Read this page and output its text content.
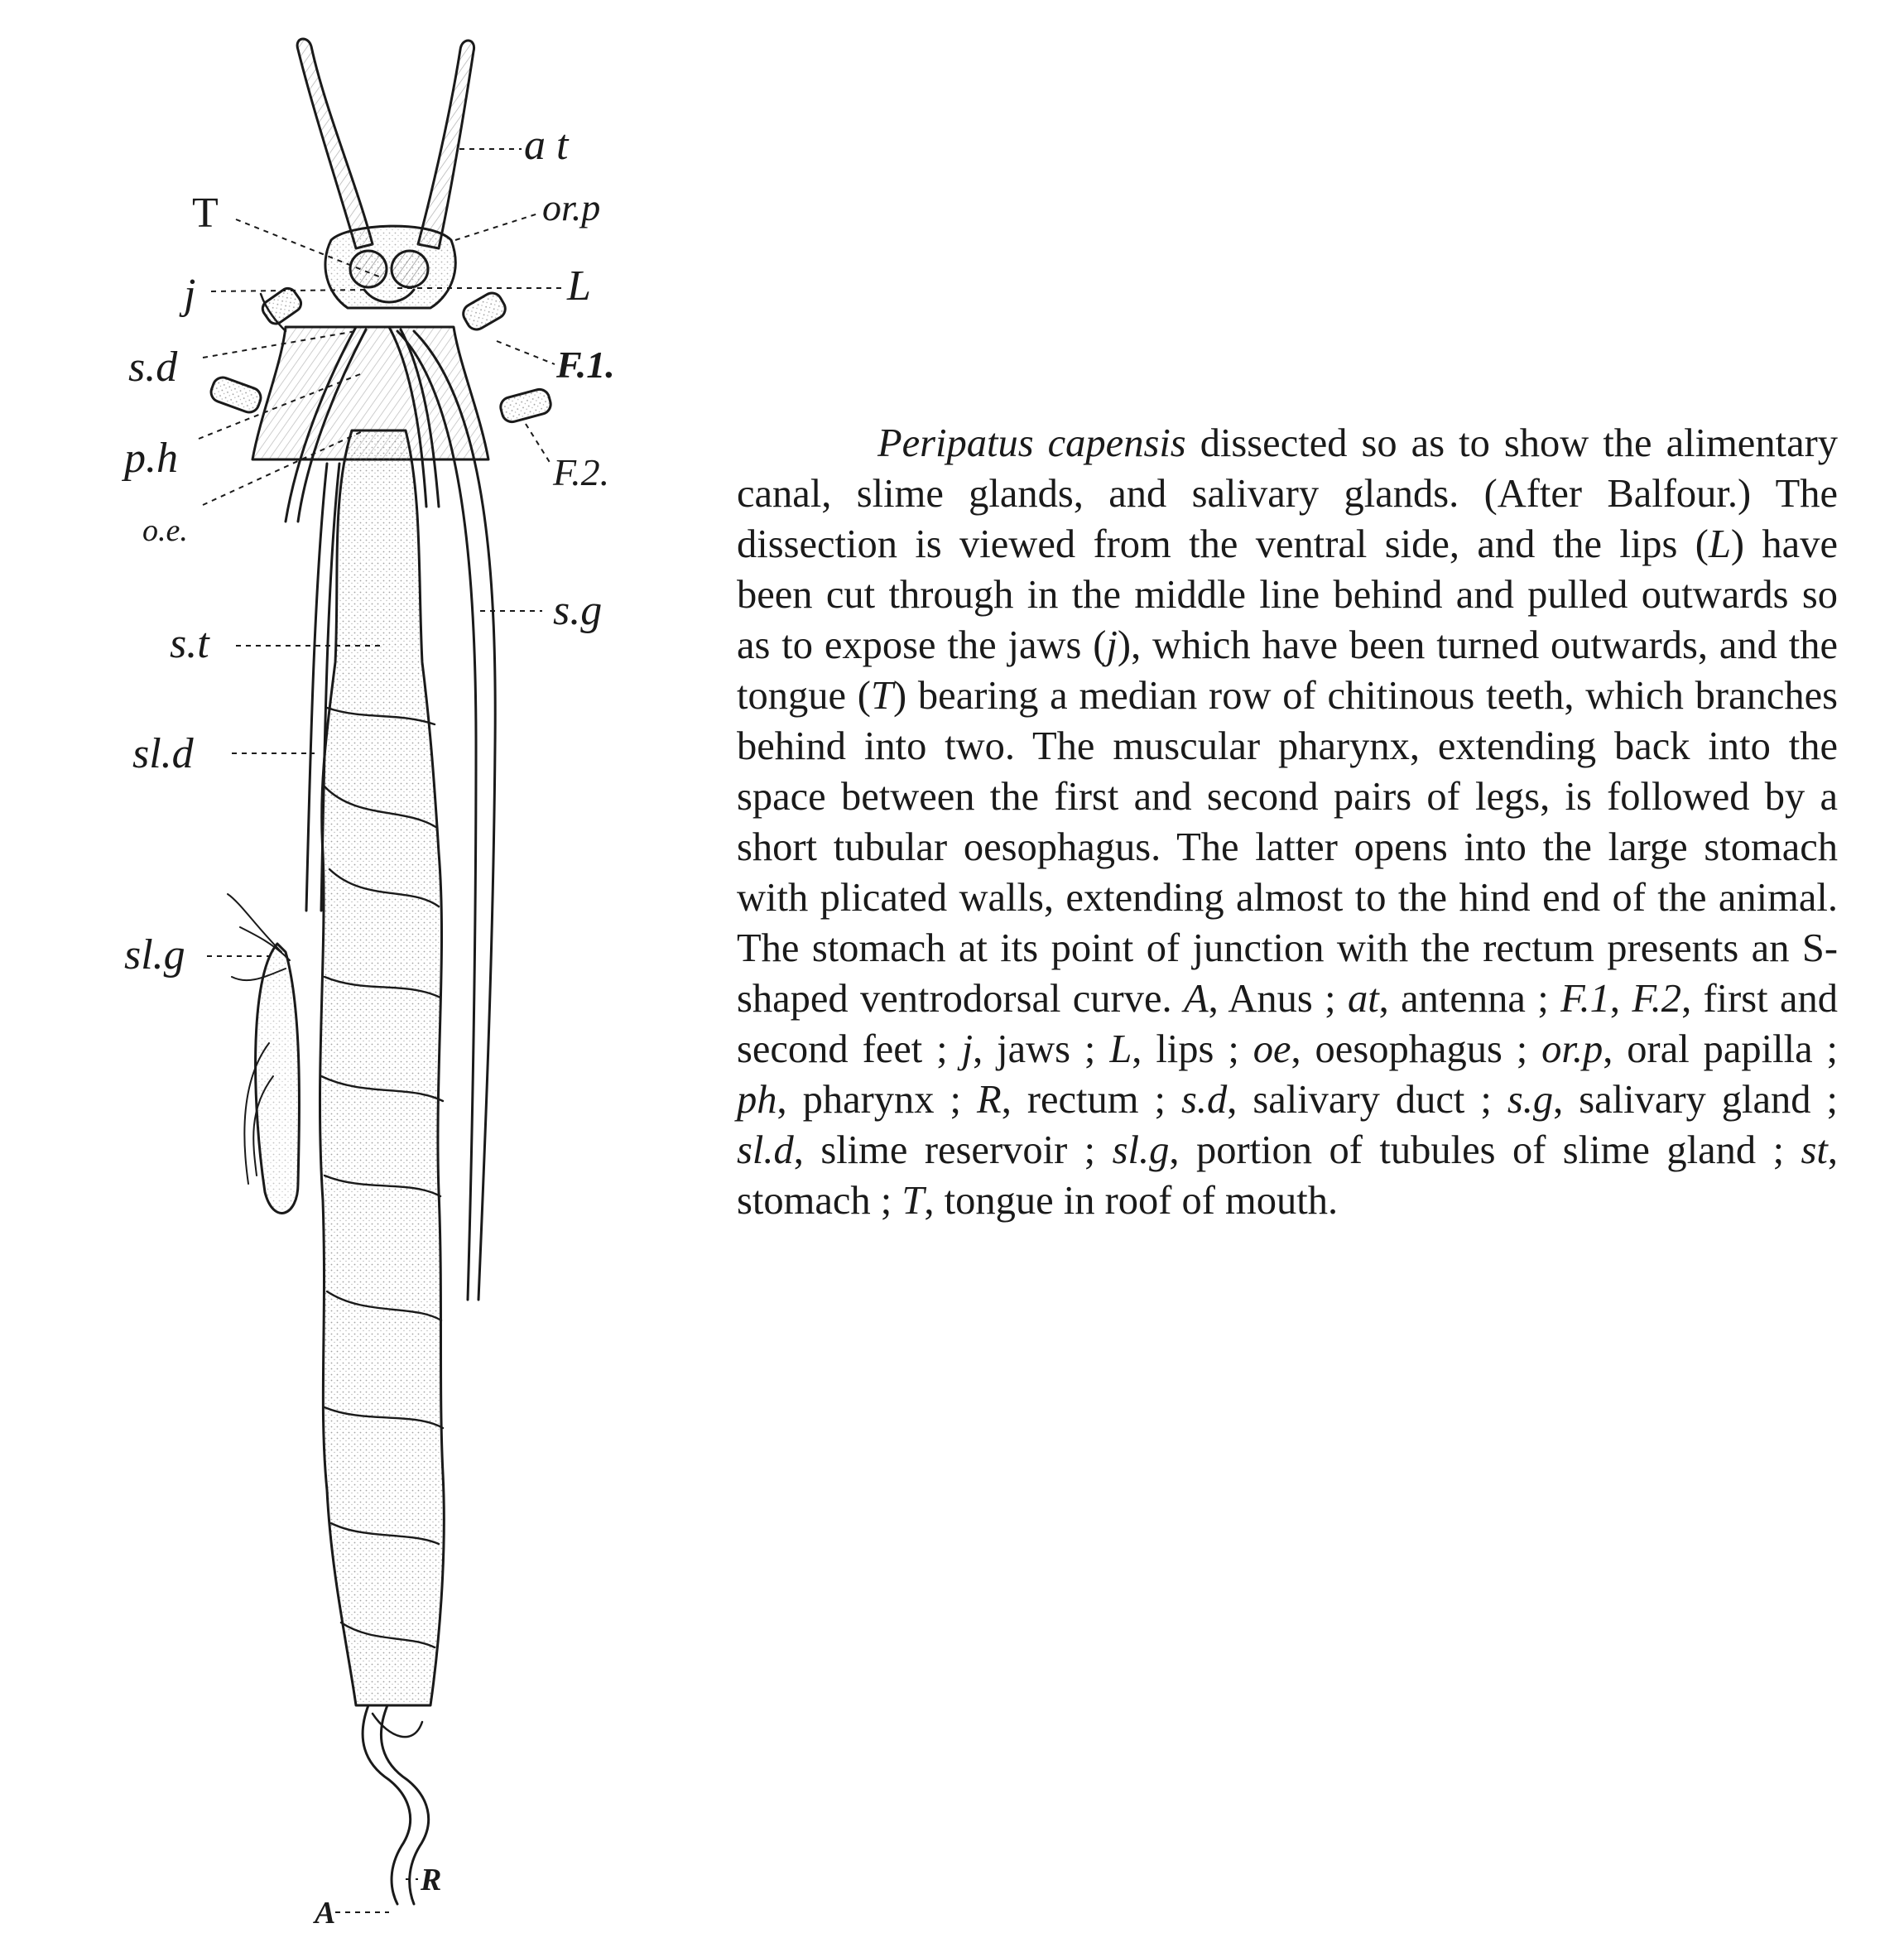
a t
or.p
T
L
j
s.d	F.1.
p.h	F.2.
o.e.
s.g
s.t
sl.d
sl.g
R
A

Peripatus capensis dissected so as to show the alimentary canal, slime glands, and salivary glands. (After Balfour.) The dissection is viewed from the ventral side, and the lips (L) have been cut through in the middle line behind and pulled outwards so as to expose the jaws (j), which have been turned outwards, and the tongue (T) bearing a median row of chitinous teeth, which branches behind into two. The muscular pharynx, extending back into the space between the first and second pairs of legs, is followed by a short tubular oesophagus. The latter opens into the large stomach with plicated walls, extending almost to the hind end of the animal. The stomach at its point of junction with the rectum presents an S-shaped ventrodorsal curve. A, Anus ; at, antenna ; F.1, F.2, first and second feet ; j, jaws ; L, lips ; oe, oesophagus ; or.p, oral papilla ; ph, pharynx ; R, rectum ; s.d, salivary duct ; s.g, salivary gland ; sl.d, slime reservoir ; sl.g, portion of tubules of slime gland ; st, stomach ; T, tongue in roof of mouth.
